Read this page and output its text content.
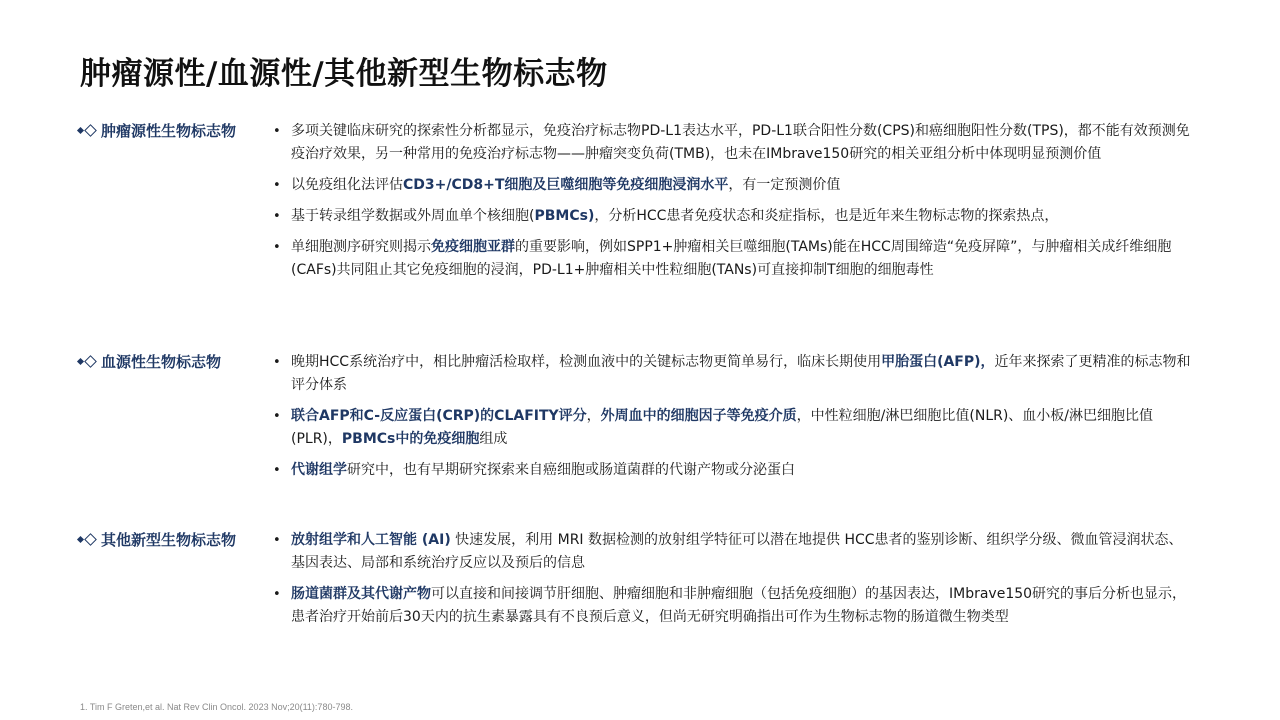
肿瘤源性/血源性/其他新型生物标志物
肿瘤源性生物标志物	• 多项关键临床研究的探索性分析都显示，免疫治疗标志物PD-L1表达水平，PD-L1联合阳性分数(CPS)和癌细胞阳性分数(TPS)，都不能有效预测免疫治疗效果，另一种常用的免疫治疗标志物——肿瘤突变负荷(TMB)，也未在IMbrave150研究的相关亚组分析中体现明显预测价值
• 以免疫组化法评估CD3+/CD8+T细胞及巨噬细胞等免疫细胞浸润水平，有一定预测价值
• 基于转录组学数据或外周血单个核细胞(PBMCs)，分析HCC患者免疫状态和炎症指标，也是近年来生物标志物的探索热点，
• 单细胞测序研究则揭示免疫细胞亚群的重要影响，例如SPP1+肿瘤相关巨噬细胞(TAMs)能在HCC周围缔造“免疫屏障”，与肿瘤相关成纤维细胞(CAFs)共同阻止其它免疫细胞的浸润，PD-L1+肿瘤相关中性粒细胞(TANs)可直接抑制T细胞的细胞毒性
血源性生物标志物	• 晚期HCC系统治疗中，相比肿瘤活检取样，检测血液中的关键标志物更简单易行，临床长期使用甲胎蛋白(AFP)，近年来探索了更精准的标志物和评分体系
• 联合AFP和C-反应蛋白(CRP)的CLAFITY评分，外周血中的细胞因子等免疫介质，中性粒细胞/淋巴细胞比值(NLR)、血小板/淋巴细胞比值(PLR)，PBMCs中的免疫细胞组成
• 代谢组学研究中，也有早期研究探索来自癌细胞或肠道菌群的代谢产物或分泌蛋白
其他新型生物标志物	• 放射组学和人工智能 (AI) 快速发展，利用 MRI 数据检测的放射组学特征可以潜在地提供 HCC患者的鉴别诊断、组织学分级、微血管浸润状态、基因表达、局部和系统治疗反应以及预后的信息
• 肠道菌群及其代谢产物可以直接和间接调节肝细胞、肿瘤细胞和非肿瘤细胞（包括免疫细胞）的基因表达，IMbrave150研究的事后分析也显示，患者治疗开始前后30天内的抗生素暴露具有不良预后意义，但尚无研究明确指出可作为生物标志物的肠道微生物类型
1. Tim F Greten,et al. Nat Rev Clin Oncol. 2023 Nov;20(11):780-798.
